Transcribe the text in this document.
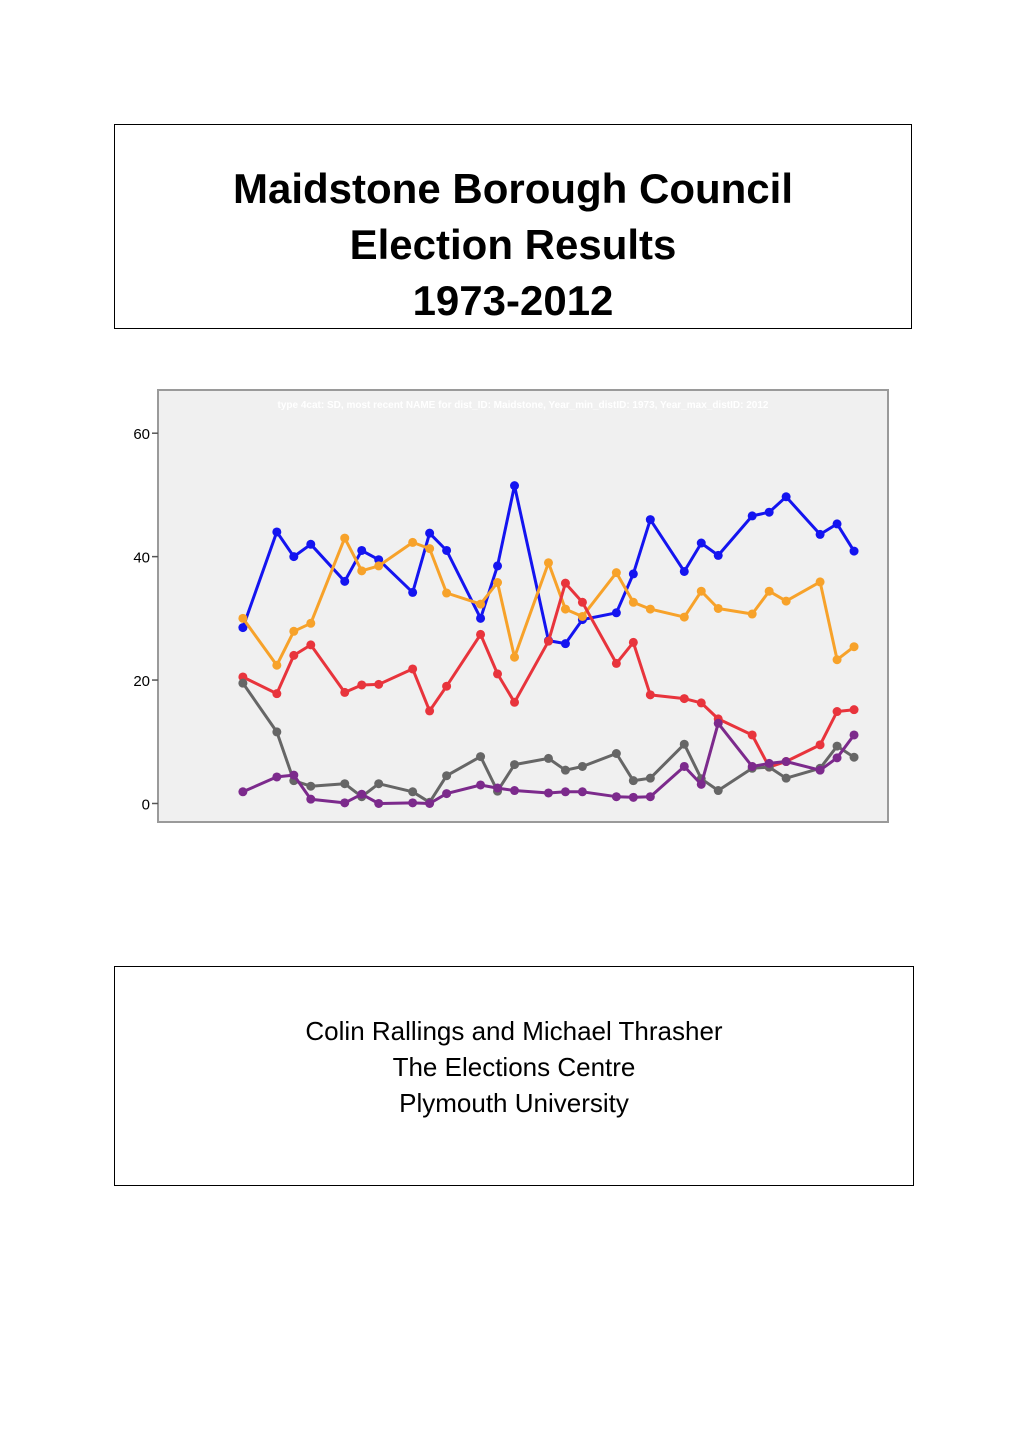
Maidstone Borough Council
Election Results
1973-2012
type 4cat: SD, most recent NAME for dist_ID: Maidstone, Year_min_distID: 1973, Year_max_distID: 2012
0
20
40
60
Colin Rallings and Michael Thrasher
The Elections Centre
Plymouth University
